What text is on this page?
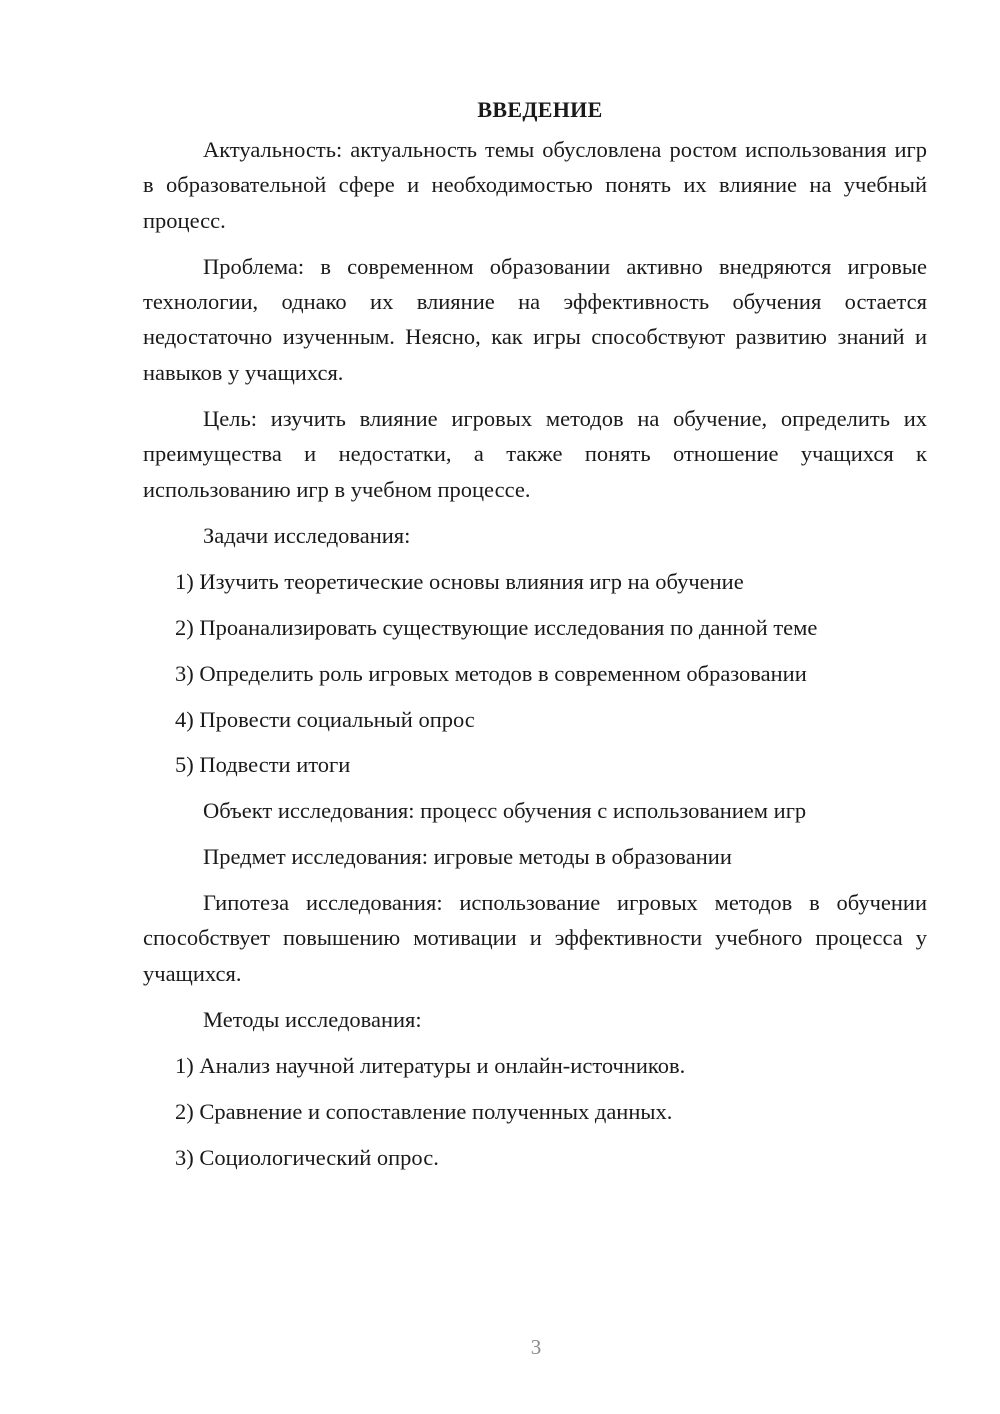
ВВЕДЕНИЕ

Актуальность: актуальность темы обусловлена ростом использования игр в образовательной сфере и необходимостью понять их влияние на учебный процесс.

Проблема: в современном образовании активно внедряются игровые технологии, однако их влияние на эффективность обучения остается недостаточно изученным. Неясно, как игры способствуют развитию знаний и навыков у учащихся.

Цель: изучить влияние игровых методов на обучение, определить их преимущества и недостатки, а также понять отношение учащихся к использованию игр в учебном процессе.

Задачи исследования:
1) Изучить теоретические основы влияния игр на обучение
2) Проанализировать существующие исследования по данной теме
3) Определить роль игровых методов в современном образовании
4) Провести социальный опрос
5) Подвести итоги
Объект исследования: процесс обучения с использованием игр
Предмет исследования: игровые методы в образовании

Гипотеза исследования: использование игровых методов в обучении способствует повышению мотивации и эффективности учебного процесса у учащихся.

Методы исследования:
1) Анализ научной литературы и онлайн-источников.
2) Сравнение и сопоставление полученных данных.
3) Социологический опрос.
3
